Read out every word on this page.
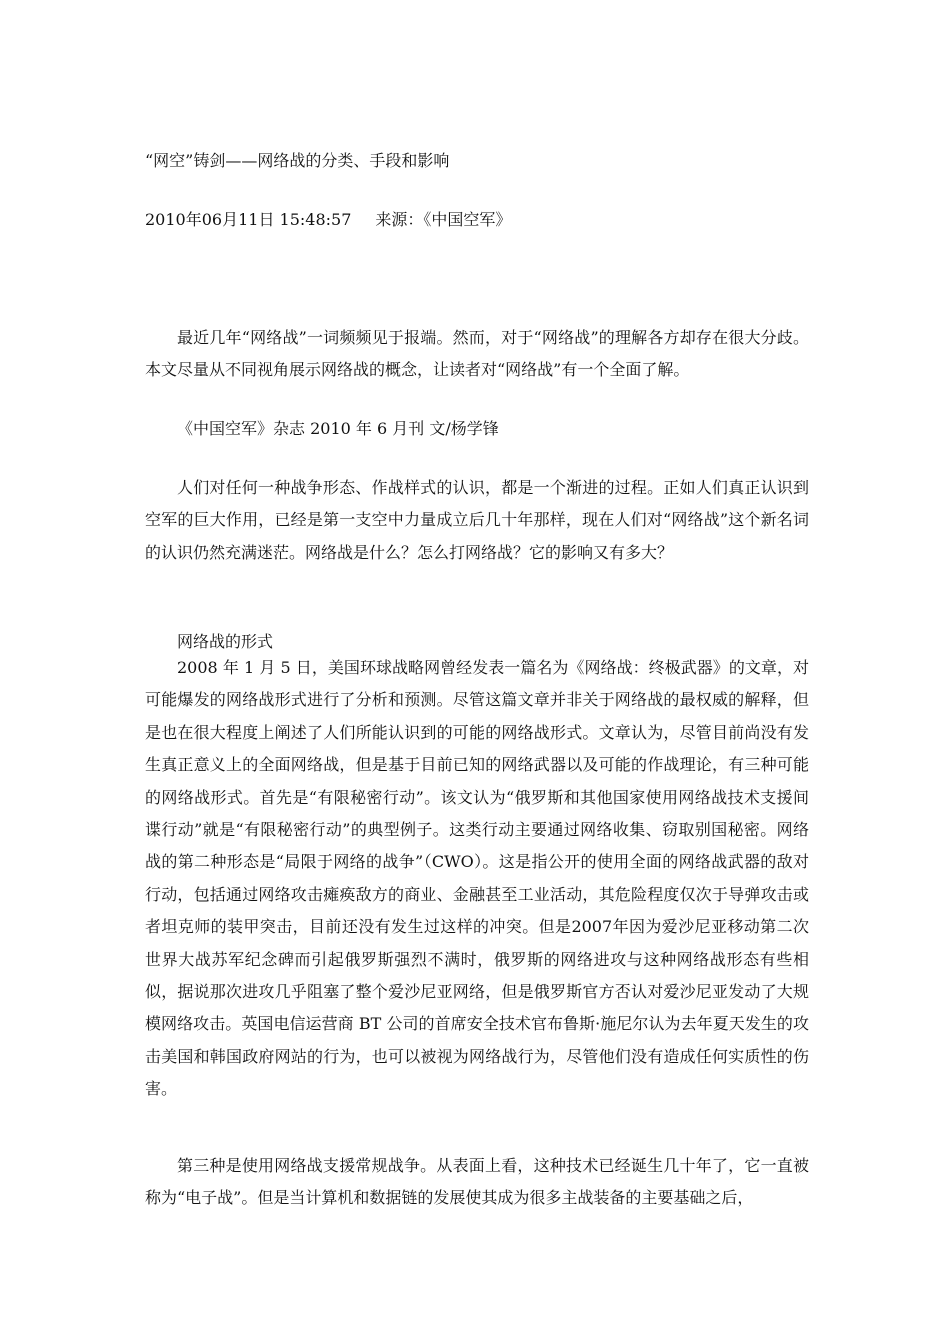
“网空”铸剑——网络战的分类、手段和影响
2010年06月11日 15:48:57 来源：《中国空军》

最近几年“网络战”一词频频见于报端。然而，对于“网络战”的理解各方却存在很大分歧。本文尽量从不同视角展示网络战的概念，让读者对“网络战”有一个全面了解。

《中国空军》杂志 2010 年 6 月刊 文/杨学锋

人们对任何一种战争形态、作战样式的认识，都是一个渐进的过程。正如人们真正认识到空军的巨大作用，已经是第一支空中力量成立后几十年那样，现在人们对“网络战”这个新名词的认识仍然充满迷茫。网络战是什么？怎么打网络战？它的影响又有多大？

网络战的形式

2008 年 1 月 5 日，美国环球战略网曾经发表一篇名为《网络战：终极武器》的文章，对可能爆发的网络战形式进行了分析和预测。尽管这篇文章并非关于网络战的最权威的解释，但是也在很大程度上阐述了人们所能认识到的可能的网络战形式。文章认为，尽管目前尚没有发生真正意义上的全面网络战，但是基于目前已知的网络武器以及可能的作战理论，有三种可能的网络战形式。首先是“有限秘密行动”。该文认为“俄罗斯和其他国家使用网络战技术支援间谍行动”就是“有限秘密行动”的典型例子。这类行动主要通过网络收集、窃取别国秘密。网络战的第二种形态是“局限于网络的战争”（CWO）。这是指公开的使用全面的网络战武器的敌对行动，包括通过网络攻击瘫痪敌方的商业、金融甚至工业活动，其危险程度仅次于导弹攻击或者坦克师的装甲突击，目前还没有发生过这样的冲突。但是2007年因为爱沙尼亚移动第二次世界大战苏军纪念碑而引起俄罗斯强烈不满时，俄罗斯的网络进攻与这种网络战形态有些相似，据说那次进攻几乎阻塞了整个爱沙尼亚网络，但是俄罗斯官方否认对爱沙尼亚发动了大规模网络攻击。英国电信运营商 BT 公司的首席安全技术官布鲁斯·施尼尔认为去年夏天发生的攻击美国和韩国政府网站的行为，也可以被视为网络战行为，尽管他们没有造成任何实质性的伤害。

第三种是使用网络战支援常规战争。从表面上看，这种技术已经诞生几十年了，它一直被称为“电子战”。但是当计算机和数据链的发展使其成为很多主战装备的主要基础之后，
